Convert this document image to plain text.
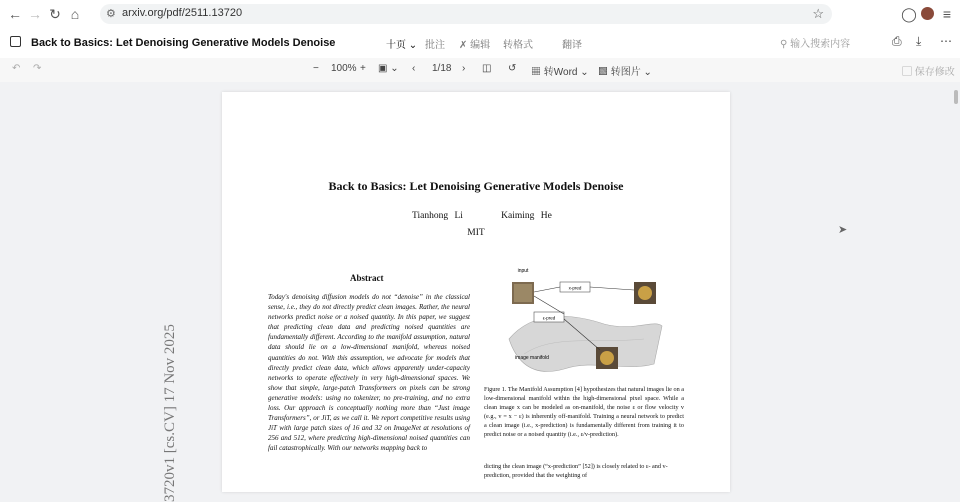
← → ↻ ⌂	⚙ arxiv.org/pdf/2511.13720	☆	◯	≡
Back to Basics: Let Denoising Generative Models Denoise	十页 ⌄ 批注 ✗ 编辑 转格式	翻译	⚲ 输入搜索内容	⎙ ⤓ ⋯
↶ ↷	− 100% + ▣ ⌄ ‹ 1/18 › ◫ ↺ ▦ 转Word ⌄ ▩ 转图片 ⌄	▢ 保存修改
Back to Basics: Let Denoising Generative Models Denoise
Tianhong Li	Kaiming He
MIT
3720v1 [cs.CV] 17 Nov 2025
Abstract
Today's denoising diffusion models do not “denoise” in the classical sense, i.e., they do not directly predict clean images. Rather, the neural networks predict noise or a noised quantity. In this paper, we suggest that predicting clean data and predicting noised quantities are fundamentally different. According to the manifold assumption, natural data should lie on a low-dimensional manifold, whereas noised quantities do not. With this assumption, we advocate for models that directly predict clean data, which allows apparently under-capacity networks to operate effectively in very high-dimensional spaces. We show that simple, large-patch Transformers on pixels can be strong generative models: using no tokenizer, no pre-training, and no extra loss. Our approach is conceptually nothing more than “Just image Transformers”, or JiT, as we call it. We report competitive results using JiT with large patch sizes of 16 and 32 on ImageNet at resolutions of 256 and 512, where predicting high-dimensional noised quantities can fail catastrophically. With our networks mapping back to
input
x-pred
ε-pred
image manifold
Figure 1. The Manifold Assumption [4] hypothesizes that natural images lie on a low-dimensional manifold within the high-dimensional pixel space. While a clean image x can be modeled as on-manifold, the noise ε or flow velocity v (e.g., v = x − ε) is inherently off-manifold. Training a neural network to predict a clean image (i.e., x-prediction) is fundamentally different from training it to predict noise or a noised quantity (i.e., ε/v-prediction).
dicting the clean image (“x-prediction” [52]) is closely related to ε- and v-prediction, provided that the weighting of
➤
